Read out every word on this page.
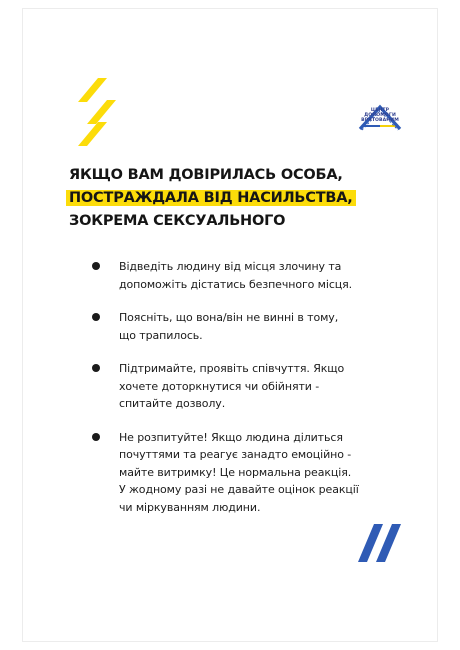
ЦЕНТР
ДОПОМОГИ
ВРЯТОВАНИМ
ЯКЩО ВАМ ДОВІРИЛАСЬ ОСОБА,
ПОСТРАЖДАЛА ВІД НАСИЛЬСТВА,
ЗОКРЕМА СЕКСУАЛЬНОГО
Відведіть людину від місця злочину та
допоможіть дістатись безпечного місця.
Поясніть, що вона/він не винні в тому,
що трапилось.
Підтримайте, проявіть співчуття. Якщо
хочете доторкнутися чи обійняти -
спитайте дозволу.
Не розпитуйте! Якщо людина ділиться
почуттями та реагує занадто емоційно -
майте витримку! Це нормальна реакція.
У жодному разі не давайте оцінок реакції
чи міркуванням людини.
